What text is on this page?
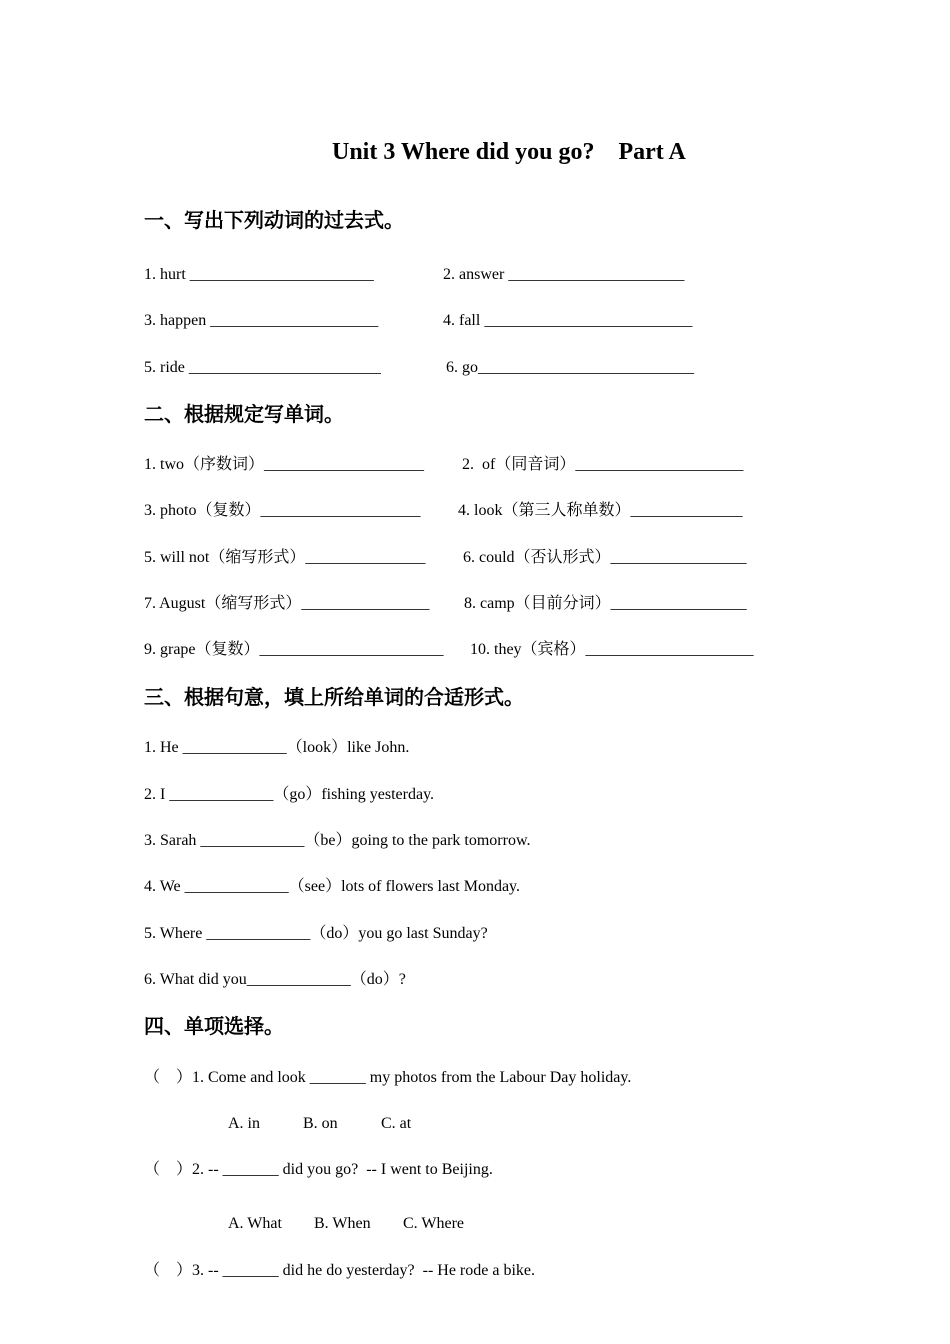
Unit 3 Where did you go?    Part A
一、写出下列动词的过去式。
1. hurt _______________________	2. answer ______________________
3. happen _____________________	4. fall __________________________
5. ride ________________________	6. go___________________________
二、根据规定写单词。
1. two（序数词）____________________ 2.  of（同音词）_____________________
3. photo（复数）____________________ 4. look（第三人称单数）______________
5. will not（缩写形式）_______________ 6. could（否认形式）_________________
7. August（缩写形式）________________ 8. camp（目前分词）_________________
9. grape（复数）_______________________ 10. they（宾格）_____________________
三、根据句意，填上所给单词的合适形式。
1. He _____________（look）like John.
2. I _____________（go）fishing yesterday.
3. Sarah _____________（be）going to the park tomorrow.
4. We _____________（see）lots of flowers last Monday.
5. Where _____________（do）you go last Sunday?
6. What did you_____________（do）?
四、单项选择。
（    ）1. Come and look _______ my photos from the Labour Day holiday.
A. in	B. on	C. at
（    ）2. -- _______ did you go?  -- I went to Beijing.
A. What B. When C. Where
（    ）3. -- _______ did he do yesterday?  -- He rode a bike.
